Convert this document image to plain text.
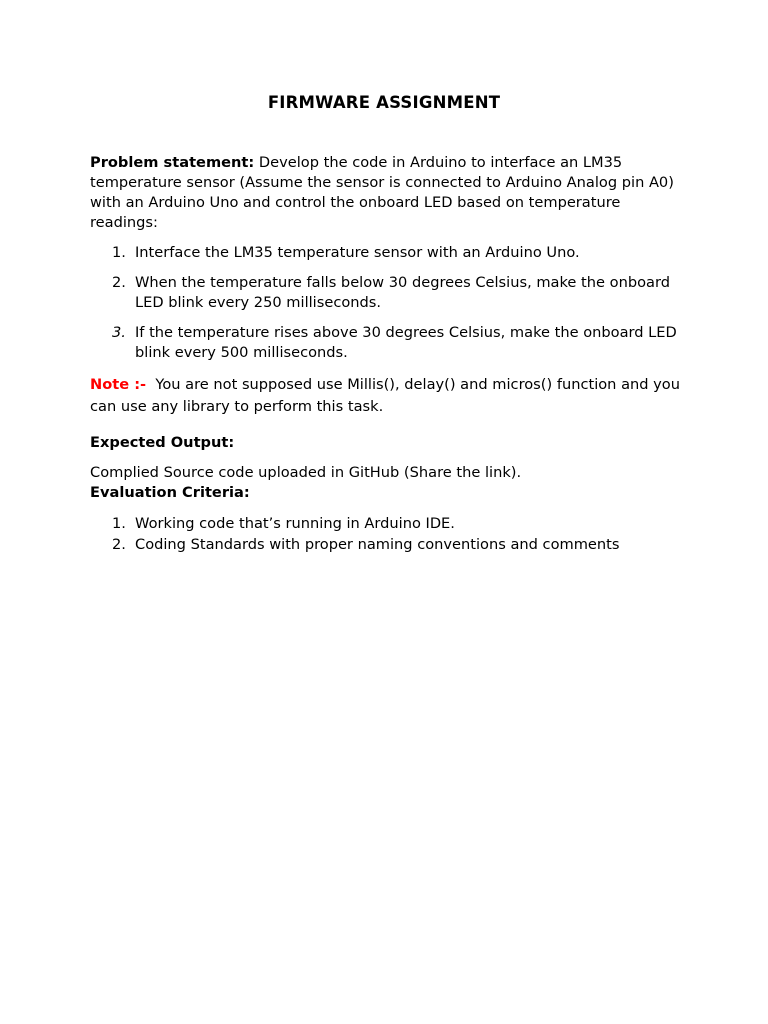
FIRMWARE ASSIGNMENT
Problem statement: Develop the code in Arduino to interface an LM35 temperature sensor (Assume the sensor is connected to Arduino Analog pin A0) with an Arduino Uno and control the onboard LED based on temperature readings:
1. Interface the LM35 temperature sensor with an Arduino Uno.
2. When the temperature falls below 30 degrees Celsius, make the onboard LED blink every 250 milliseconds.
3. If the temperature rises above 30 degrees Celsius, make the onboard LED blink every 500 milliseconds.
Note :-  You are not supposed use Millis(), delay() and micros() function and you can use any library to perform this task.
Expected Output:
Complied Source code uploaded in GitHub (Share the link).
Evaluation Criteria:
1. Working code that’s running in Arduino IDE.
2. Coding Standards with proper naming conventions and comments
